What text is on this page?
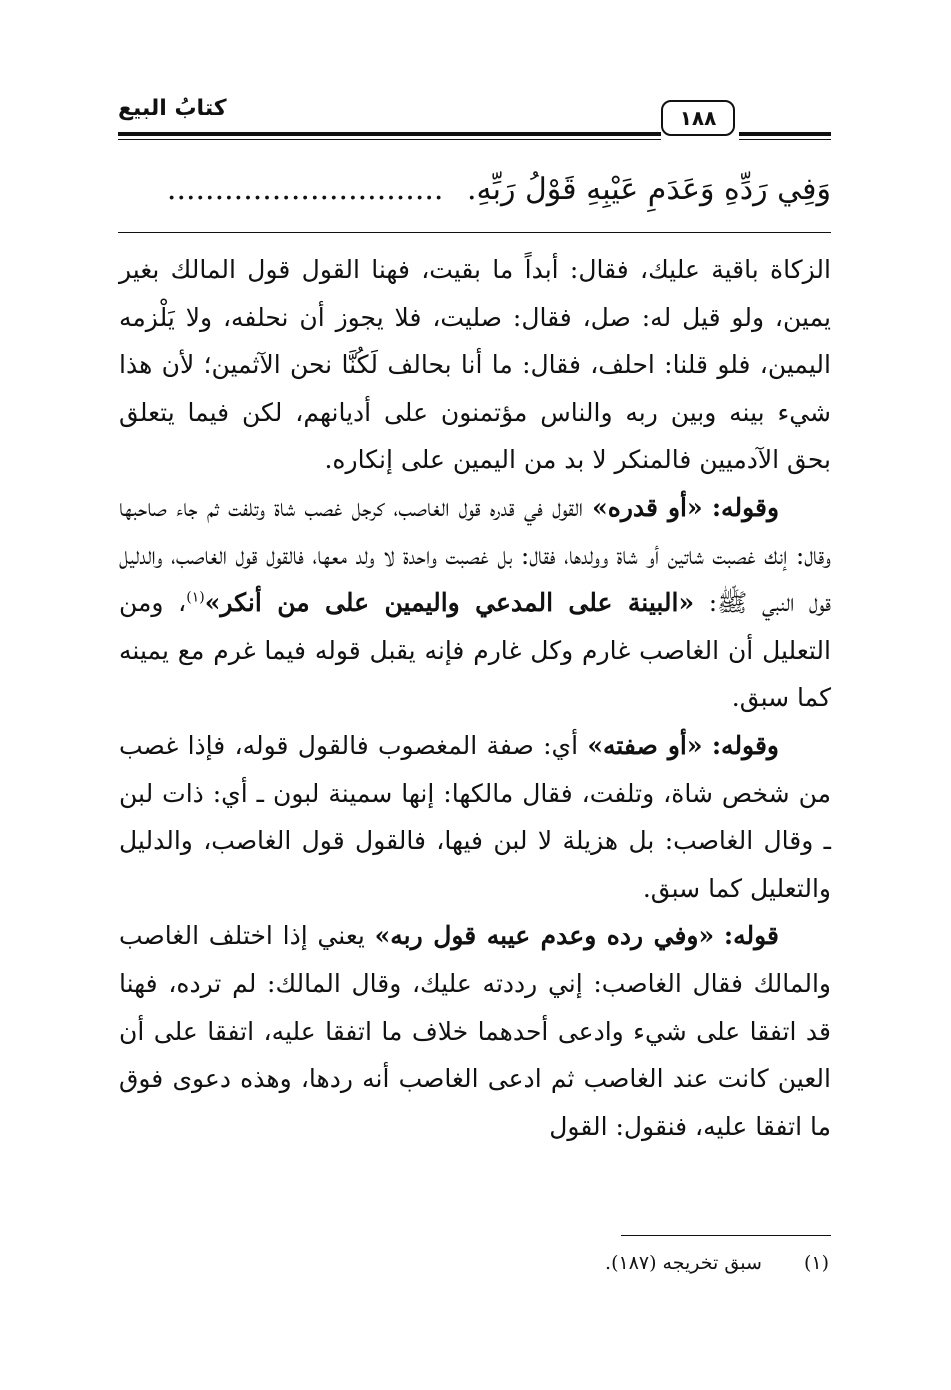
١٨٨
كتابُ البيع
وَفِي رَدِّهِ وَعَدَمِ عَيْبِهِ قَوْلُ رَبِّهِ. .............................

الزكاة باقية عليك، فقال: أبداً ما بقيت، فهنا القول قول المالك بغير يمين، ولو قيل له: صل، فقال: صليت، فلا يجوز أن نحلفه، ولا يَلْزمه اليمين، فلو قلنا: احلف، فقال: ما أنا بحالف لَكُنَّا نحن الآثمين؛ لأن هذا شيء بينه وبين ربه والناس مؤتمنون على أديانهم، لكن فيما يتعلق بحق الآدميين فالمنكر لا بد من اليمين على إنكاره.

وقوله: «أو قدره» القول في قدره قول الغاصب، كرجل غصب شاة وتلفت ثم جاء صاحبها وقال: إنك غصبت شاتين أو شاة وولدها، فقال: بل غصبت واحدة لا ولد معها، فالقول قول الغاصب، والدليل قول النبي ﷺ: «البينة على المدعي واليمين على من أنكر»$^{(١)}$، ومن التعليل أن الغاصب غارم وكل غارم فإنه يقبل قوله فيما غرم مع يمينه كما سبق.

وقوله: «أو صفته» أي: صفة المغصوب فالقول قوله، فإذا غصب من شخص شاة، وتلفت، فقال مالكها: إنها سمينة لبون ـ أي: ذات لبن ـ وقال الغاصب: بل هزيلة لا لبن فيها، فالقول قول الغاصب، والدليل والتعليل كما سبق.

قوله: «وفي رده وعدم عيبه قول ربه» يعني إذا اختلف الغاصب والمالك فقال الغاصب: إني رددته عليك، وقال المالك: لم ترده، فهنا قد اتفقا على شيء وادعى أحدهما خلاف ما اتفقا عليه، اتفقا على أن العين كانت عند الغاصب ثم ادعى الغاصب أنه ردها، وهذه دعوى فوق ما اتفقا عليه، فنقول: القول

(١) سبق تخريجه (١٨٧).
